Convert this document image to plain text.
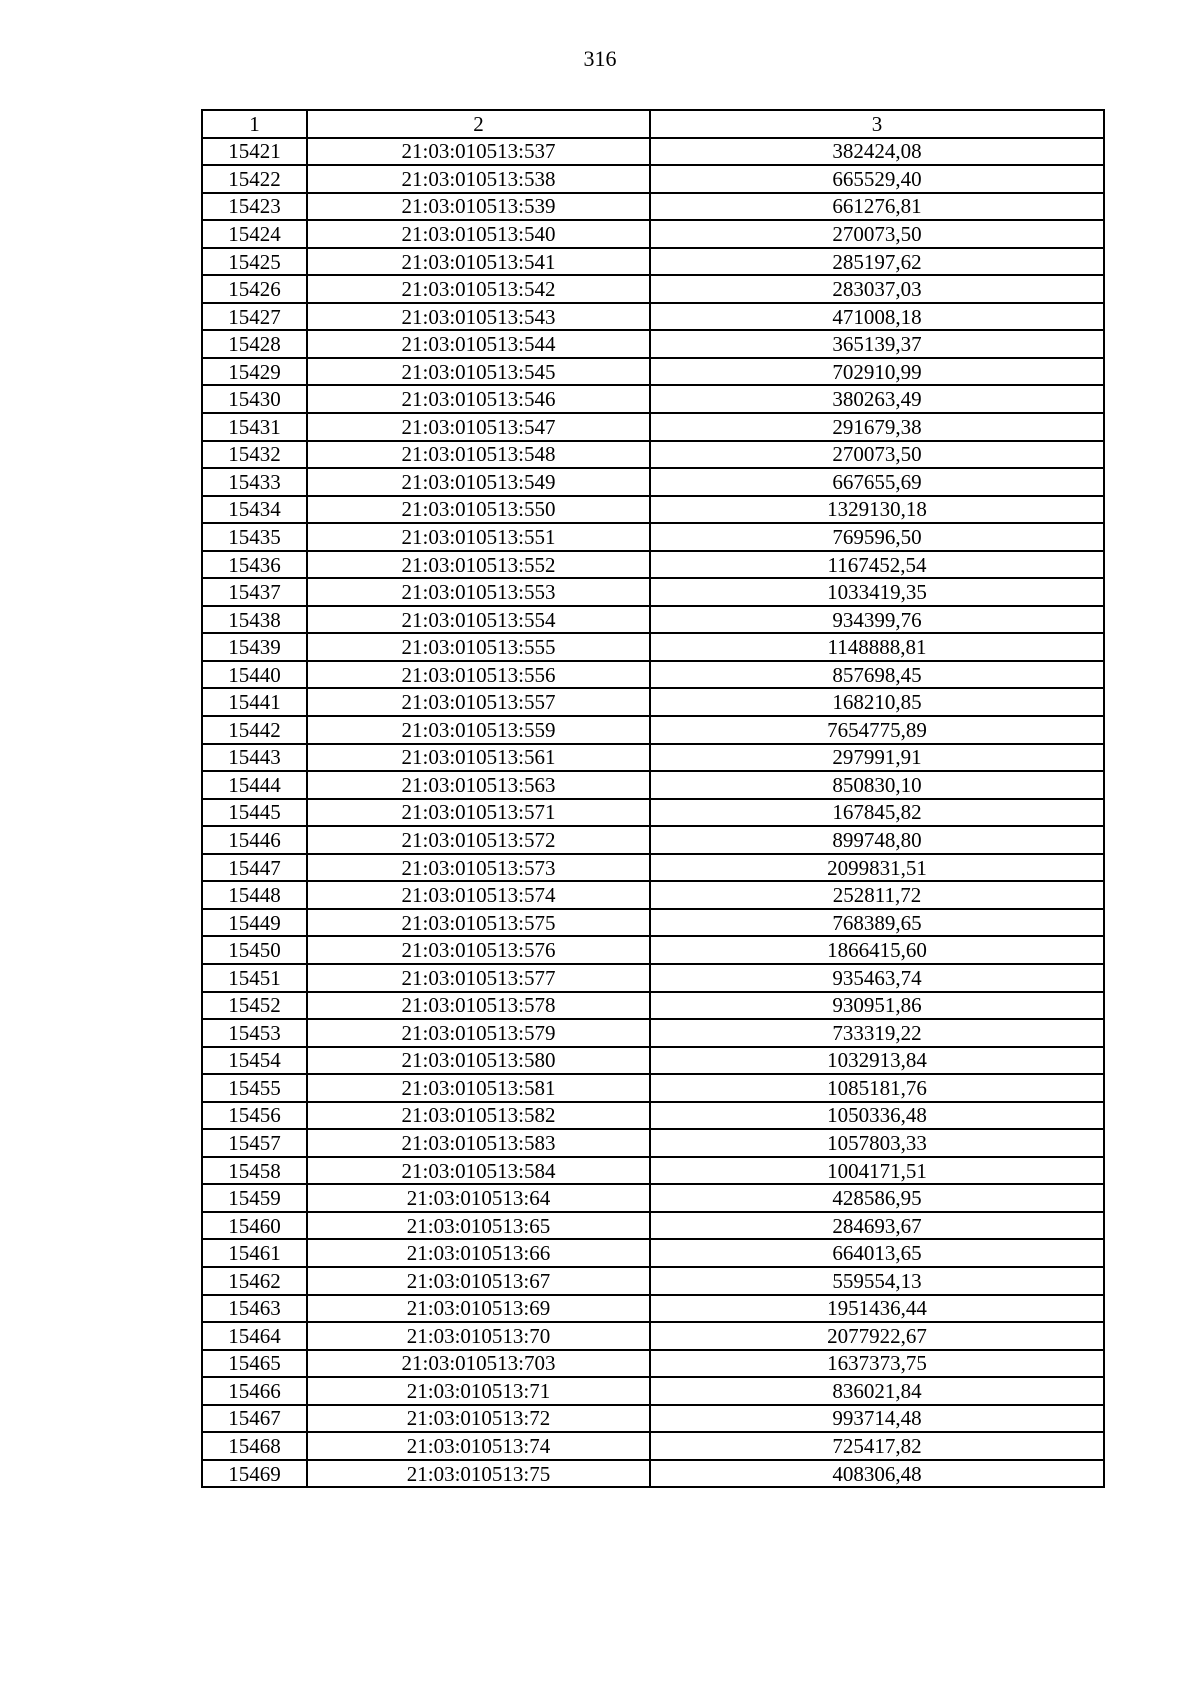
316
1	2	3
15421	21:03:010513:537	382424,08
15422	21:03:010513:538	665529,40
15423	21:03:010513:539	661276,81
15424	21:03:010513:540	270073,50
15425	21:03:010513:541	285197,62
15426	21:03:010513:542	283037,03
15427	21:03:010513:543	471008,18
15428	21:03:010513:544	365139,37
15429	21:03:010513:545	702910,99
15430	21:03:010513:546	380263,49
15431	21:03:010513:547	291679,38
15432	21:03:010513:548	270073,50
15433	21:03:010513:549	667655,69
15434	21:03:010513:550	1329130,18
15435	21:03:010513:551	769596,50
15436	21:03:010513:552	1167452,54
15437	21:03:010513:553	1033419,35
15438	21:03:010513:554	934399,76
15439	21:03:010513:555	1148888,81
15440	21:03:010513:556	857698,45
15441	21:03:010513:557	168210,85
15442	21:03:010513:559	7654775,89
15443	21:03:010513:561	297991,91
15444	21:03:010513:563	850830,10
15445	21:03:010513:571	167845,82
15446	21:03:010513:572	899748,80
15447	21:03:010513:573	2099831,51
15448	21:03:010513:574	252811,72
15449	21:03:010513:575	768389,65
15450	21:03:010513:576	1866415,60
15451	21:03:010513:577	935463,74
15452	21:03:010513:578	930951,86
15453	21:03:010513:579	733319,22
15454	21:03:010513:580	1032913,84
15455	21:03:010513:581	1085181,76
15456	21:03:010513:582	1050336,48
15457	21:03:010513:583	1057803,33
15458	21:03:010513:584	1004171,51
15459	21:03:010513:64	428586,95
15460	21:03:010513:65	284693,67
15461	21:03:010513:66	664013,65
15462	21:03:010513:67	559554,13
15463	21:03:010513:69	1951436,44
15464	21:03:010513:70	2077922,67
15465	21:03:010513:703	1637373,75
15466	21:03:010513:71	836021,84
15467	21:03:010513:72	993714,48
15468	21:03:010513:74	725417,82
15469	21:03:010513:75	408306,48
